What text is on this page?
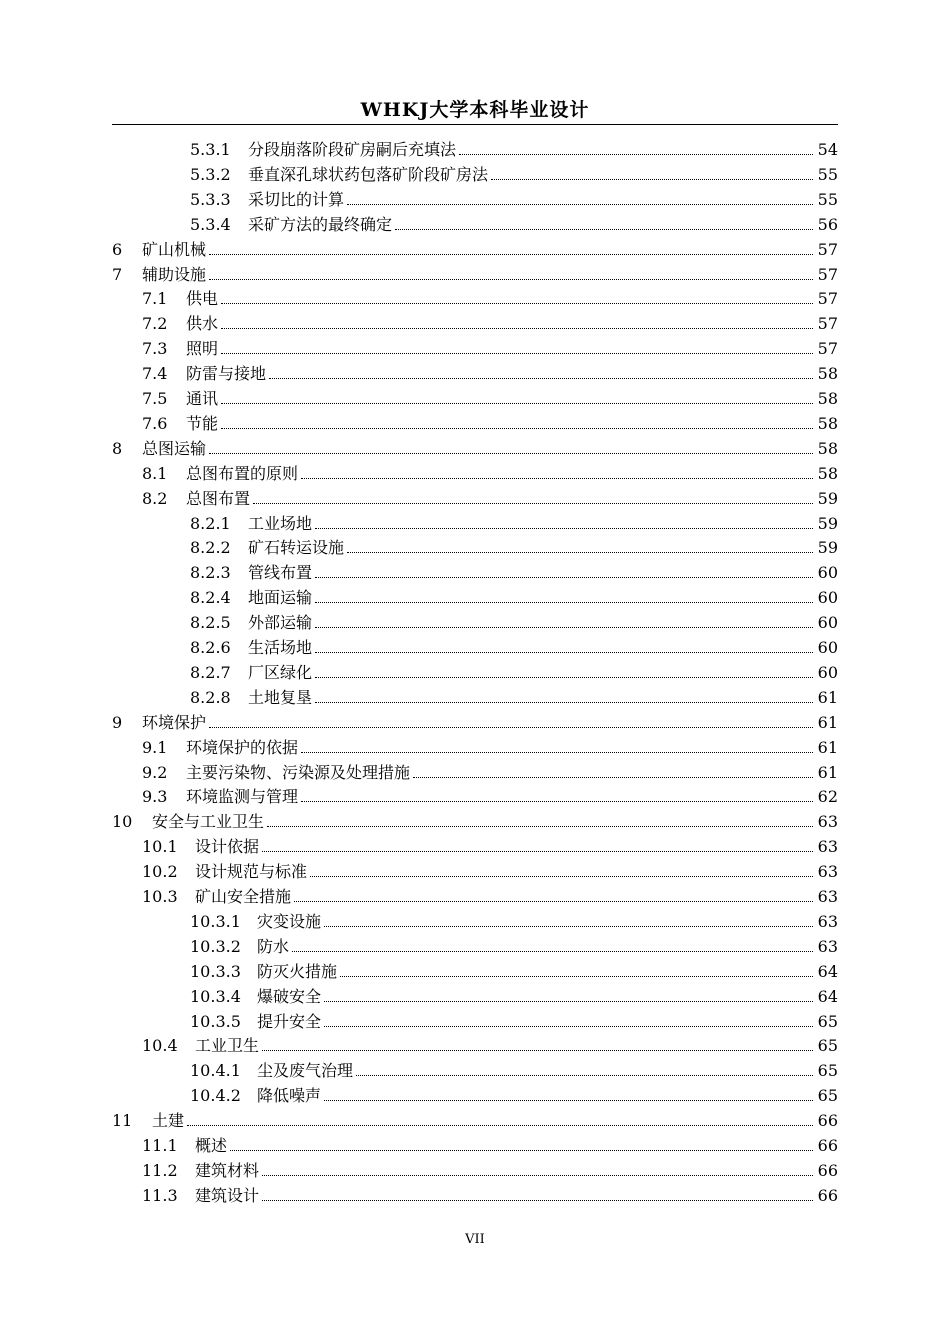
WHKJ大学本科毕业设计
5.3.1	分段崩落阶段矿房嗣后充填法	54
5.3.2	垂直深孔球状药包落矿阶段矿房法	55
5.3.3	采切比的计算	55
5.3.4	采矿方法的最终确定	56
6	矿山机械	57
7	辅助设施	57
7.1	供电	57
7.2	供水	57
7.3	照明	57
7.4	防雷与接地	58
7.5	通讯	58
7.6	节能	58
8	总图运输	58
8.1	总图布置的原则	58
8.2	总图布置	59
8.2.1	工业场地	59
8.2.2	矿石转运设施	59
8.2.3	管线布置	60
8.2.4	地面运输	60
8.2.5	外部运输	60
8.2.6	生活场地	60
8.2.7	厂区绿化	60
8.2.8	土地复垦	61
9	环境保护	61
9.1	环境保护的依据	61
9.2	主要污染物、污染源及处理措施	61
9.3	环境监测与管理	62
10	安全与工业卫生	63
10.1	设计依据	63
10.2	设计规范与标准	63
10.3	矿山安全措施	63
10.3.1	灾变设施	63
10.3.2	防水	63
10.3.3	防灭火措施	64
10.3.4	爆破安全	64
10.3.5	提升安全	65
10.4	工业卫生	65
10.4.1	尘及废气治理	65
10.4.2	降低噪声	65
11	土建	66
11.1	概述	66
11.2	建筑材料	66
11.3	建筑设计	66
VII
